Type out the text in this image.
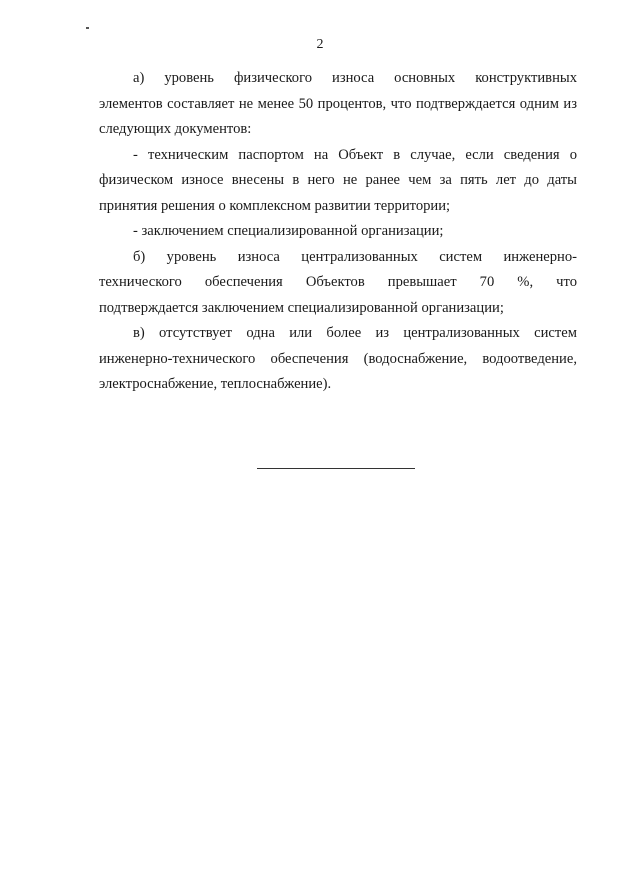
2

а) уровень физического износа основных конструктивных

элементов составляет не менее 50 процентов, что подтверждается одним из следующих документов:

- техническим паспортом на Объект в случае, если сведения о физическом износе внесены в него не ранее чем за пять лет до даты принятия решения о комплексном развитии территории;

- заключением специализированной организации;

б) уровень износа централизованных систем инженерно-

технического обеспечения Объектов превышает 70 %, что

подтверждается заключением специализированной организации;

в) отсутствует одна или более из централизованных систем инженерно-технического обеспечения (водоснабжение, водоотведение, электроснабжение, теплоснабжение).
